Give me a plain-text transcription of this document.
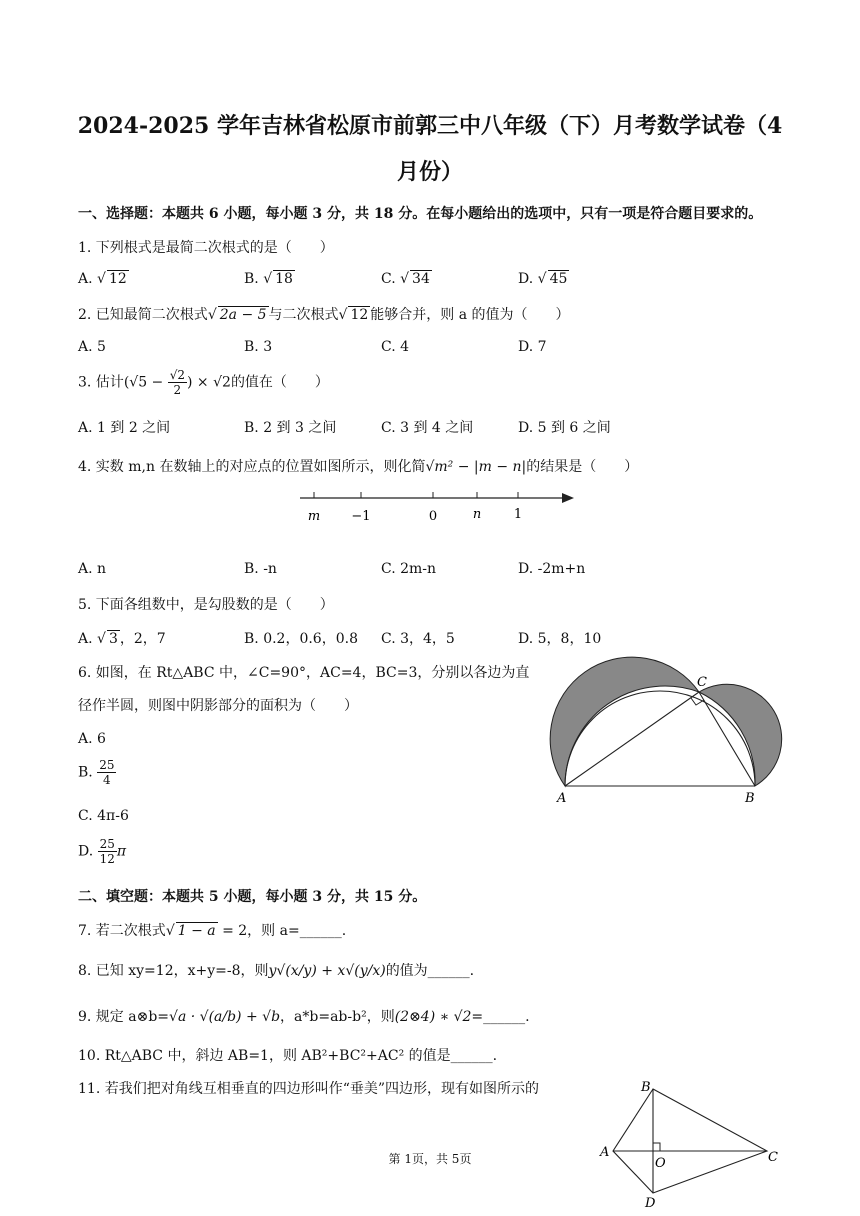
2024-2025 学年吉林省松原市前郭三中八年级（下）月考数学试卷（4
月份）
一、选择题：本题共 6 小题，每小题 3 分，共 18 分。在每小题给出的选项中，只有一项是符合题目要求的。
1. 下列根式是最简二次根式的是（　　）
A. √ 12	B. √ 18	C. √ 34	D. √ 45
2. 已知最简二次根式√ 2a − 5 与二次根式√ 12 能够合并，则 a 的值为（　　）
A. 5	B. 3	C. 4	D. 7
3. 估计($√5 - \frac{√2}{2}$ ) × √2的值在（　　）
A. 1 到 2 之间	B. 2 到 3 之间	C. 3 到 4 之间	D. 5 到 6 之间
4. 实数 m,n 在数轴上的对应点的位置如图所示，则化简√m² − |m − n|的结果是（　　）
m −1	0	n	1
A. n	B. -n	C. 2m-n	D. -2m+n
5. 下面各组数中，是勾股数的是（　　）
A. √ 3 ，2，7	B. 0.2，0.6，0.8 C. 3，4，5	D. 5，8，10
6. 如图，在 Rt△ABC 中，∠C=90°，AC=4，BC=3，分别以各边为直
径作半圆，则图中阴影部分的面积为（　　）
A. 6
B. $\frac{25}{4}$
C. 4π-6
D. $\frac{25}{12}$ π
C
A	B
二、填空题：本题共 5 小题，每小题 3 分，共 15 分。
7. 若二次根式√ 1 − a = 2，则 a=______.
8. 已知 xy=12，x+y=-8，则y√(x/y) + x√(y/x)的值为______.
9. 规定 a⊗b=√a · √(a/b) + √b，a*b=ab-b²，则(2⊗4) ∗ √2=______.
10. Rt△ABC 中，斜边 AB=1，则 AB²+BC²+AC² 的值是______.
11. 若我们把对角线互相垂直的四边形叫作“垂美”四边形，现有如图所示的	B
A
O	C
D
第 1页，共 5页
